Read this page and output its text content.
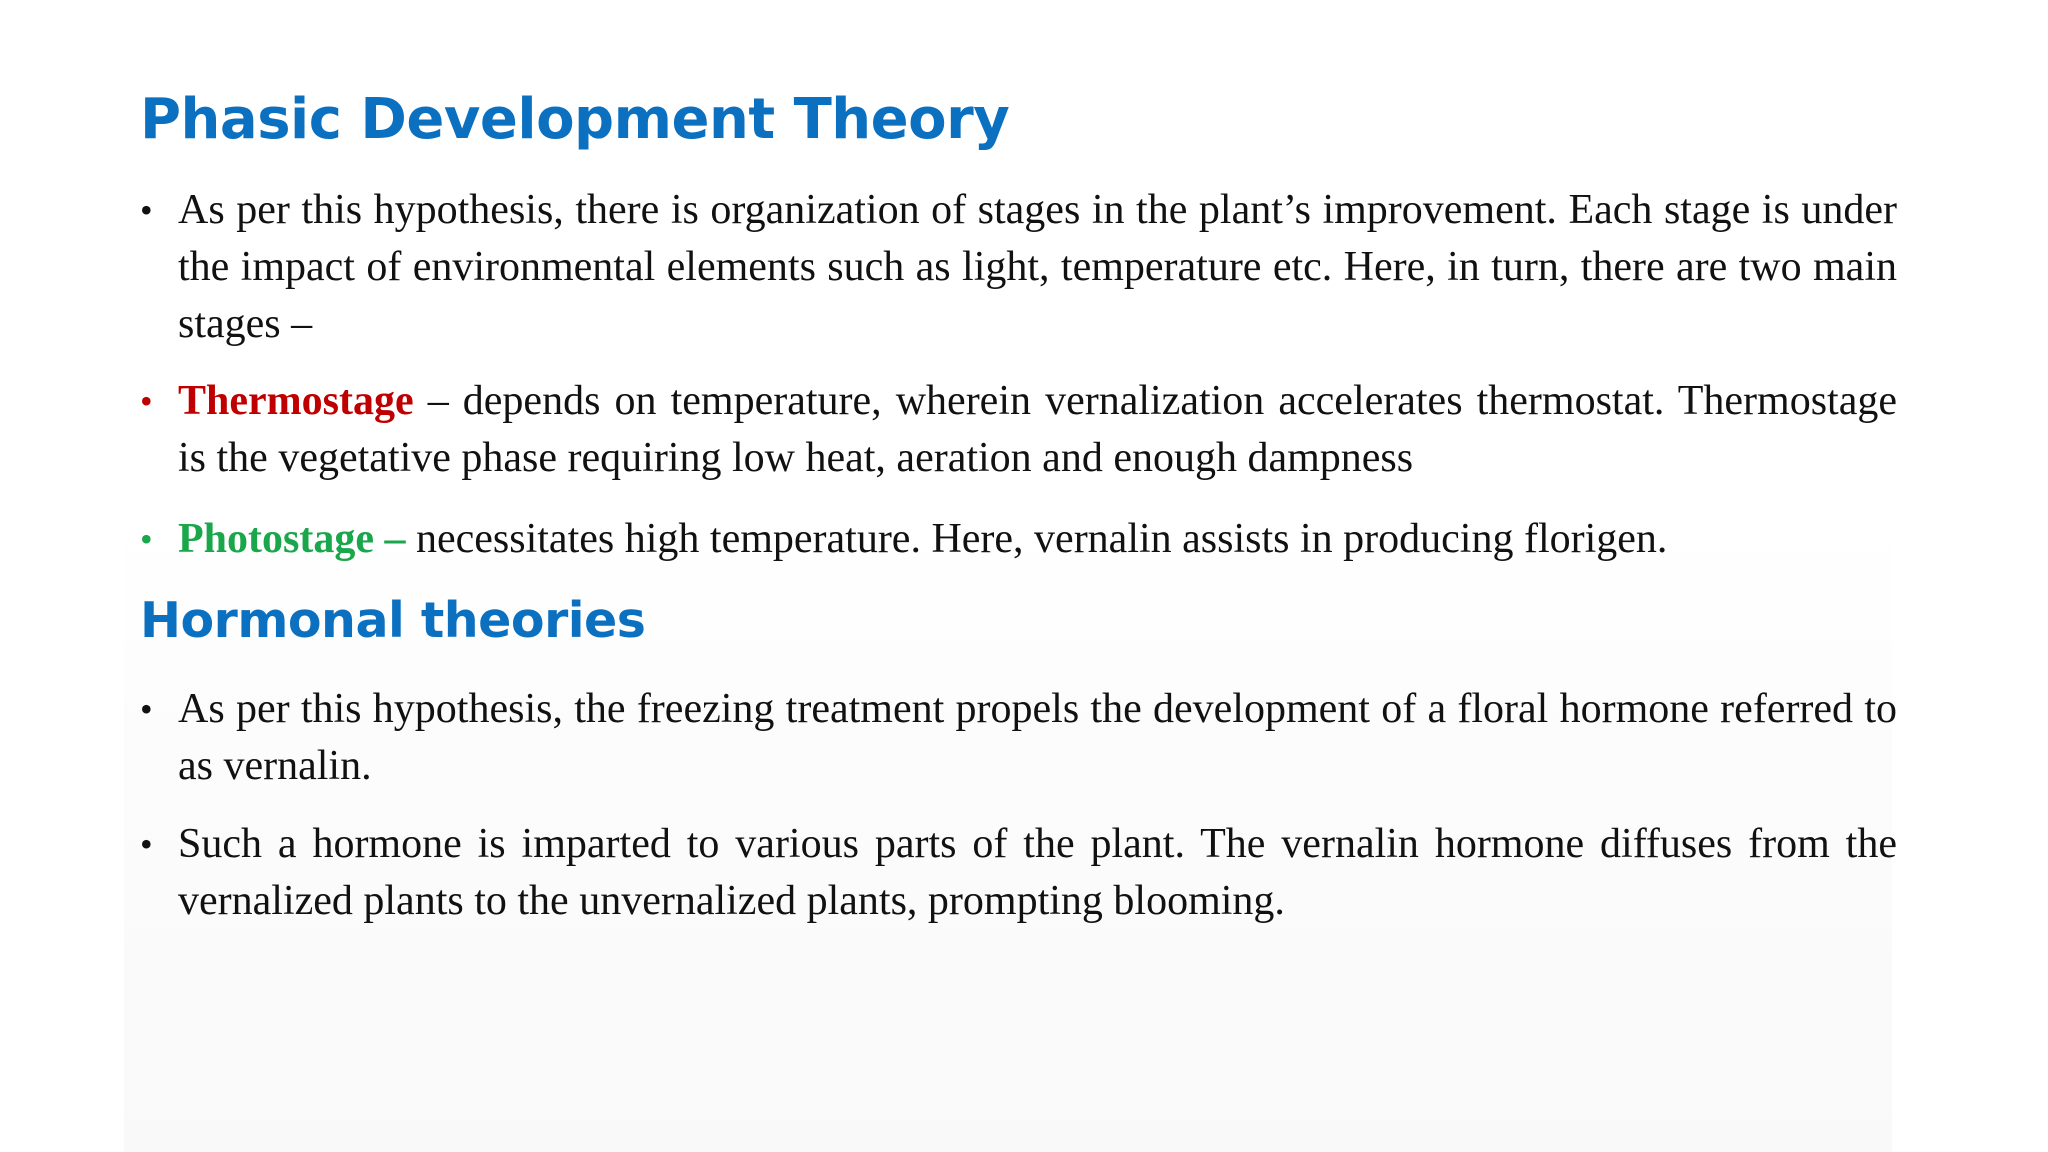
Phasic Development Theory
• As per this hypothesis, there is organization of stages in the plant’s improvement. Each stage is under the impact of environmental elements such as light, temperature etc. Here, in turn, there are two main stages –
• Thermostage – depends on temperature, wherein vernalization accelerates thermostat. Thermostage is the vegetative phase requiring low heat, aeration and enough dampness
• Photostage – necessitates high temperature. Here, vernalin assists in producing florigen.
Hormonal theories
• As per this hypothesis, the freezing treatment propels the development of a floral hormone referred to as vernalin.
• Such a hormone is imparted to various parts of the plant. The vernalin hormone diffuses from the vernalized plants to the unvernalized plants, prompting blooming.
